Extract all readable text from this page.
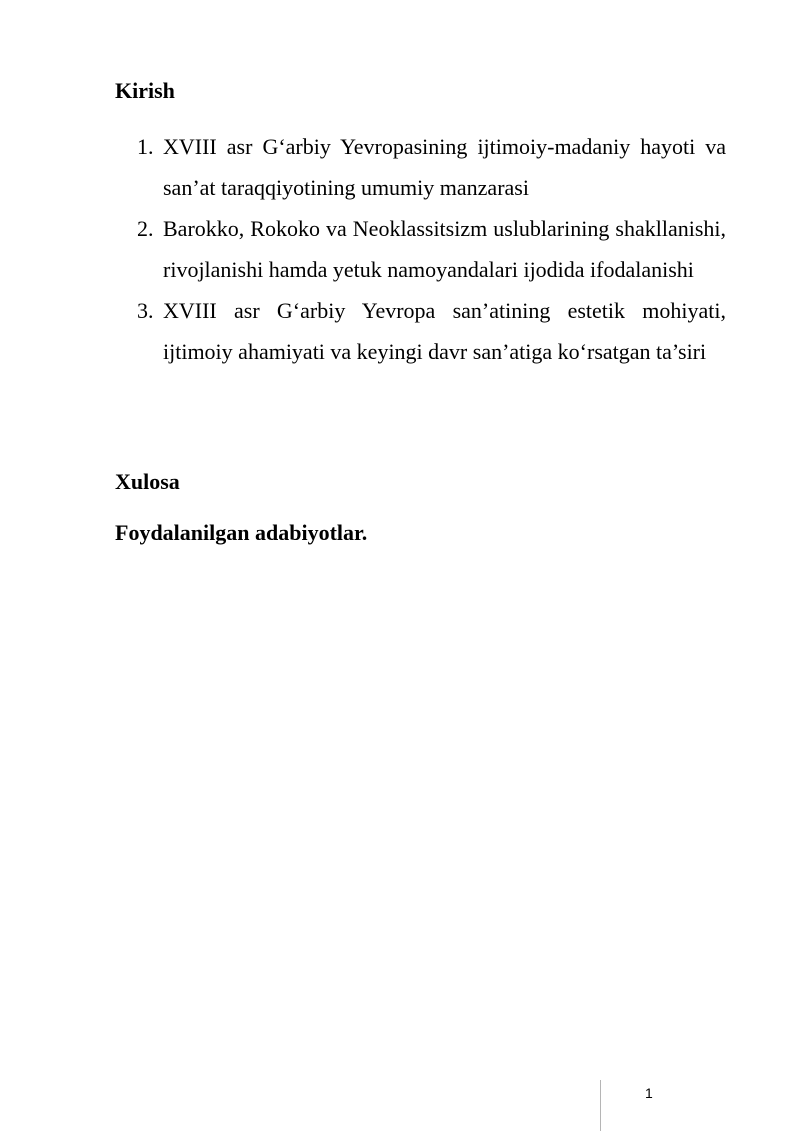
Kirish

1. XVIII asr G‘arbiy Yevropasining ijtimoiy-madaniy hayoti va san’at taraqqiyotining umumiy manzarasi
2. Barokko, Rokoko va Neoklassitsizm uslublarining shakllanishi, rivojlanishi hamda yetuk namoyandalari ijodida ifodalanishi
3. XVIII asr G‘arbiy Yevropa san’atining estetik mohiyati, ijtimoiy ahamiyati va keyingi davr san’atiga ko‘rsatgan ta’siri

Xulosa

Foydalanilgan adabiyotlar.

1
